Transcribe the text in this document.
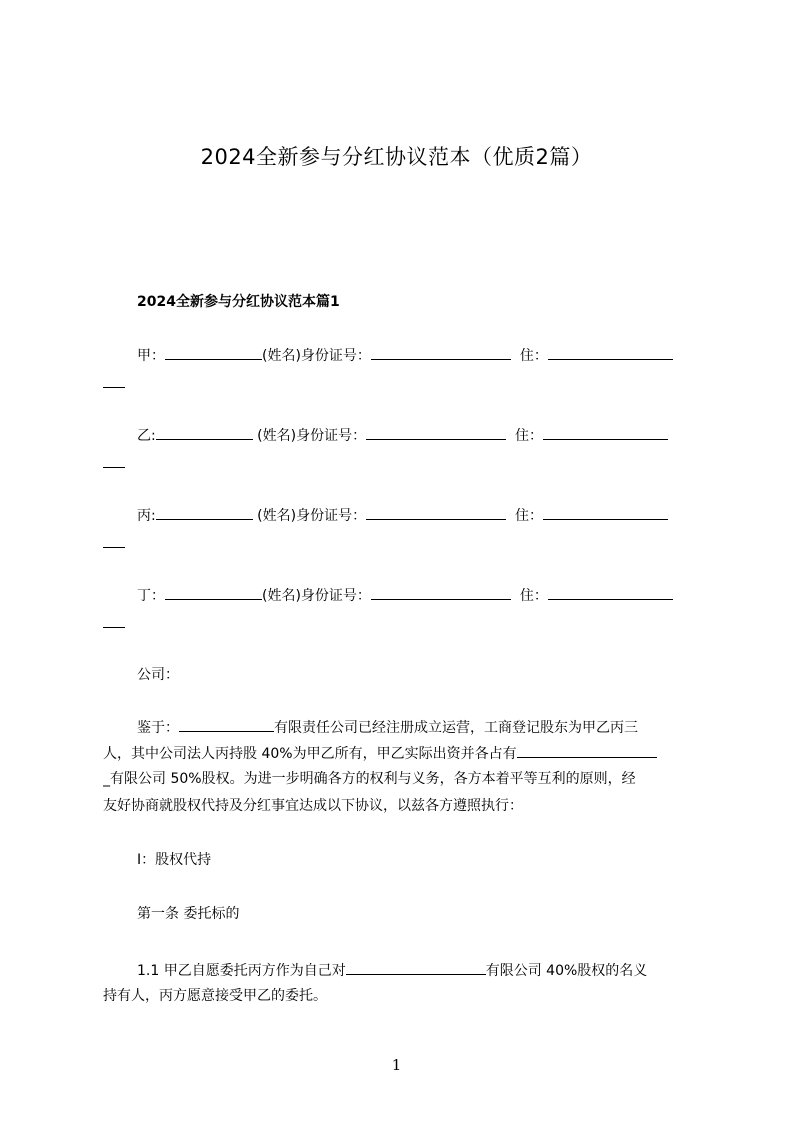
2024全新参与分红协议范本（优质2篇）
2024全新参与分红协议范本篇1
甲：	(姓名)身份证号：	住：
乙:	(姓名)身份证号：	住：
丙:	(姓名)身份证号：	住：
丁：	(姓名)身份证号：	住：
公司：
鉴于：	有限责任公司已经注册成立运营，工商登记股东为甲乙丙三
人，其中公司法人丙持股 40%为甲乙所有，甲乙实际出资并各占有
_有限公司 50%股权。为进一步明确各方的权利与义务，各方本着平等互利的原则，经
友好协商就股权代持及分红事宜达成以下协议，以兹各方遵照执行：
Ⅰ：股权代持
第一条 委托标的
1.1 甲乙自愿委托丙方作为自己对	有限公司 40%股权的名义
持有人，丙方愿意接受甲乙的委托。
1
